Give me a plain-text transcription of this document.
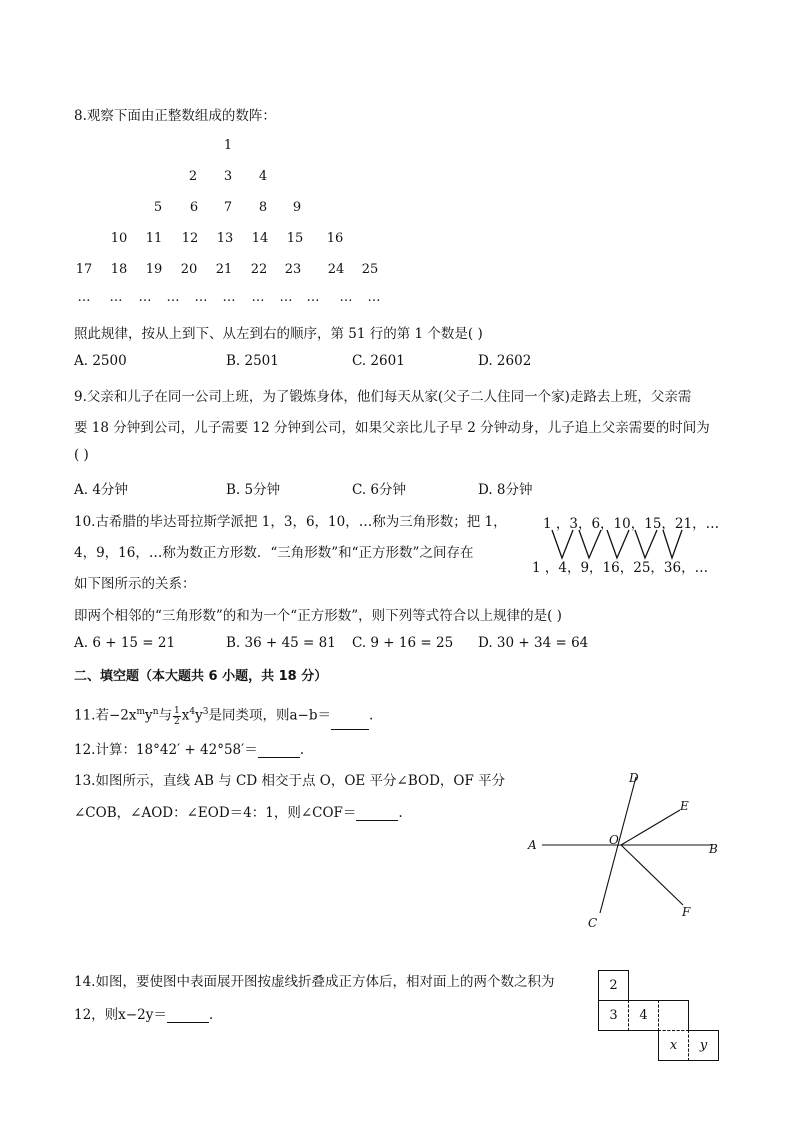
8.观察下面由正整数组成的数阵：
1
2	3	4
5	6	7	8	9
10	11	12	13	14	15	16
17	18	19	20	21	22	23	24	25
…	…	…	…	…	…	…	…	…	…	…
照此规律，按从上到下、从左到右的顺序，第 51 行的第 1 个数是( )
A. 2500	B. 2501	C. 2601	D. 2602
9.父亲和儿子在同一公司上班，为了锻炼身体，他们每天从家(父子二人住同一个家)走路去上班，父亲需
要 18 分钟到公司，儿子需要 12 分钟到公司，如果父亲比儿子早 2 分钟动身，儿子追上父亲需要的时间为
( )
A. 4分钟	B. 5分钟	C. 6分钟	D. 8分钟
10.古希腊的毕达哥拉斯学派把 1，3，6，10，…称为三角形数；把 1，
4，9，16，…称为数正方形数．“三角形数”和“正方形数”之间存在
如下图所示的关系：
即两个相邻的“三角形数”的和为一个“正方形数”，则下列等式符合以上规律的是( )
1 ，3，6，10，15，21，…
1 ，4，9，16，25，36，…
A. 6 + 15 = 21	B. 36 + 45 = 81 C. 9 + 16 = 25 D. 30 + 34 = 64
二、填空题（本大题共 6 小题，共 18 分）
11.若$-2x^my^n$与 $\frac{1}{2} x^4y^3$是同类项，则a−b＝	.
12.计算：18°42′ + 42°58′＝	.
13.如图所示，直线 AB 与 CD 相交于点 O，OE 平分∠BOD，OF 平分
∠COB，∠AOD：∠EOD＝4：1，则∠COF＝	.
A	B
C
D
E
F
O
14.如图，要使图中表面展开图按虚线折叠成正方体后，相对面上的两个数之积为
12，则x−2y＝	.
2
3	4
x	y
